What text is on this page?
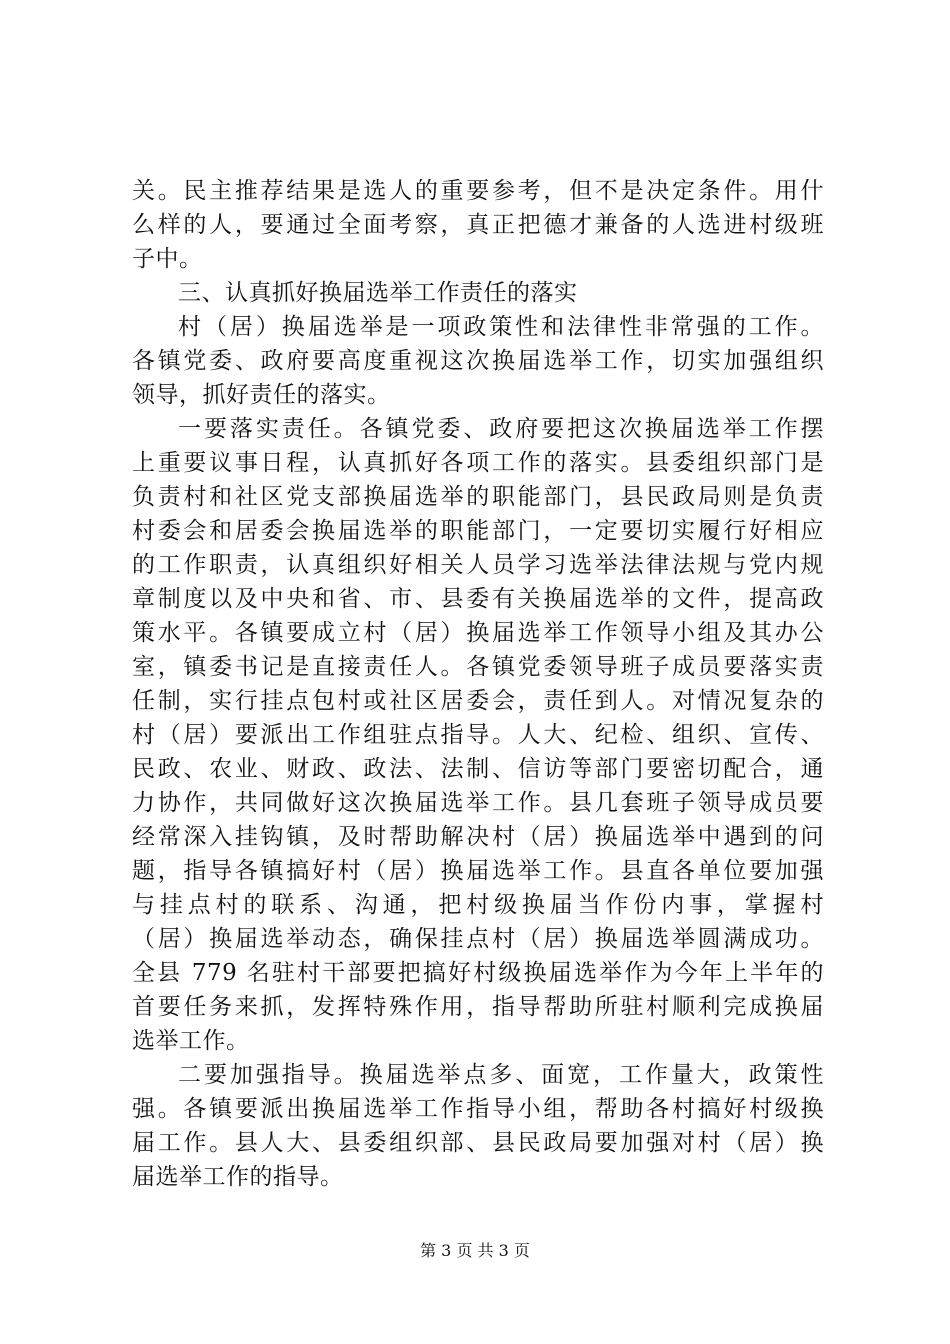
关。民主推荐结果是选人的重要参考，但不是决定条件。用什
么样的人，要通过全面考察，真正把德才兼备的人选进村级班
子中。
三、认真抓好换届选举工作责任的落实
村（居）换届选举是一项政策性和法律性非常强的工作。
各镇党委、政府要高度重视这次换届选举工作，切实加强组织
领导，抓好责任的落实。
一要落实责任。各镇党委、政府要把这次换届选举工作摆
上重要议事日程，认真抓好各项工作的落实。县委组织部门是
负责村和社区党支部换届选举的职能部门，县民政局则是负责
村委会和居委会换届选举的职能部门，一定要切实履行好相应
的工作职责，认真组织好相关人员学习选举法律法规与党内规
章制度以及中央和省、市、县委有关换届选举的文件，提高政
策水平。各镇要成立村（居）换届选举工作领导小组及其办公
室，镇委书记是直接责任人。各镇党委领导班子成员要落实责
任制，实行挂点包村或社区居委会，责任到人。对情况复杂的
村（居）要派出工作组驻点指导。人大、纪检、组织、宣传、
民政、农业、财政、政法、法制、信访等部门要密切配合，通
力协作，共同做好这次换届选举工作。县几套班子领导成员要
经常深入挂钩镇，及时帮助解决村（居）换届选举中遇到的问
题，指导各镇搞好村（居）换届选举工作。县直各单位要加强
与挂点村的联系、沟通，把村级换届当作份内事，掌握村
（居）换届选举动态，确保挂点村（居）换届选举圆满成功。
全县 779 名驻村干部要把搞好村级换届选举作为今年上半年的
首要任务来抓，发挥特殊作用，指导帮助所驻村顺利完成换届
选举工作。
二要加强指导。换届选举点多、面宽，工作量大，政策性
强。各镇要派出换届选举工作指导小组，帮助各村搞好村级换
届工作。县人大、县委组织部、县民政局要加强对村（居）换
届选举工作的指导。
第 3 页 共 3 页
